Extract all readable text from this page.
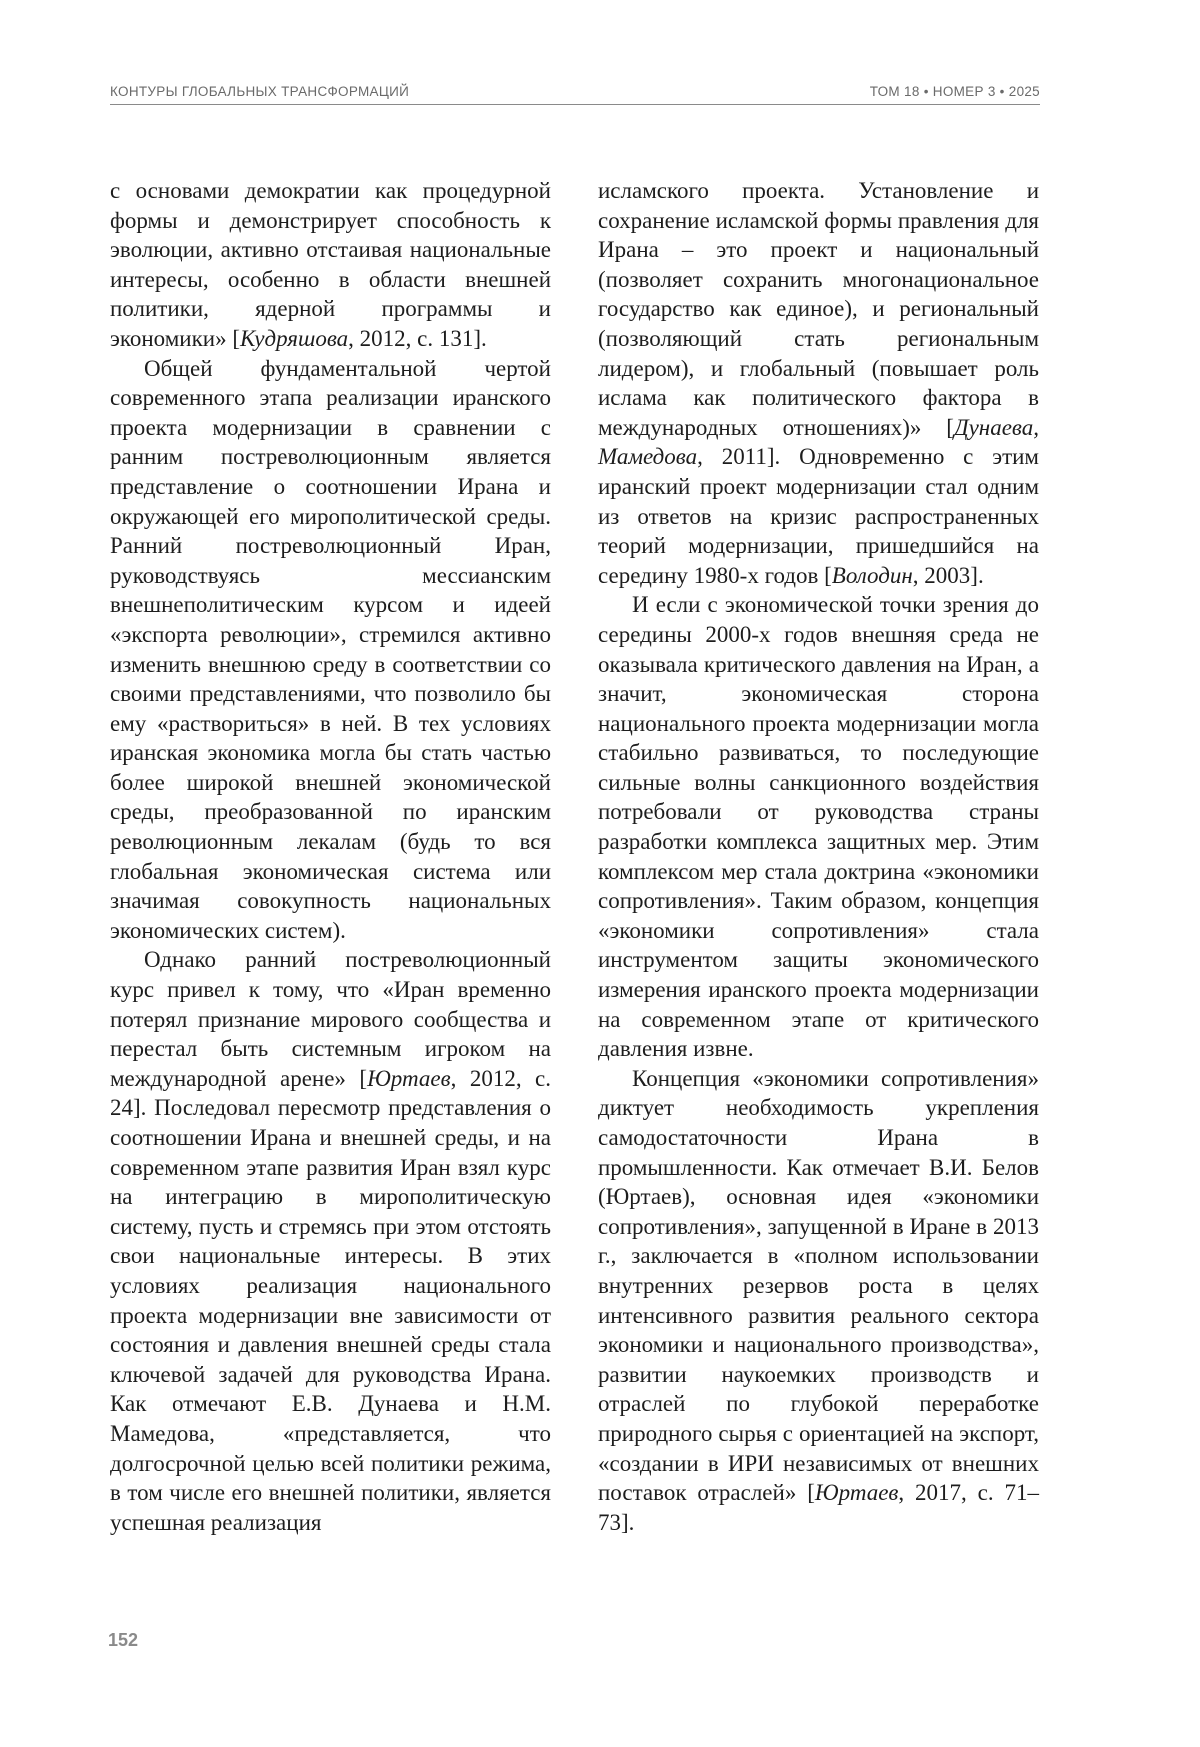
КОНТУРЫ ГЛОБАЛЬНЫХ ТРАНСФОРМАЦИЙ	ТОМ 18 • НОМЕР 3 • 2025

с основами демократии как процедурной формы и демонстрирует способность к эволюции, активно отстаивая национальные интересы, особенно в области внешней политики, ядерной программы и экономики» [Кудряшова, 2012, с. 131].

Общей фундаментальной чертой современного этапа реализации иранского проекта модернизации в сравнении с ранним постреволюционным является представление о соотношении Ирана и окружающей его мирополитической среды. Ранний постреволюционный Иран, руководствуясь мессианским внешнеполитическим курсом и идеей «экспорта революции», стремился активно изменить внешнюю среду в соответствии со своими представлениями, что позволило бы ему «раствориться» в ней. В тех условиях иранская экономика могла бы стать частью более широкой внешней экономической среды, преобразованной по иранским революционным лекалам (будь то вся глобальная экономическая система или значимая совокупность национальных экономических систем).

Однако ранний постреволюционный курс привел к тому, что «Иран временно потерял признание мирового сообщества и перестал быть системным игроком на международной арене» [Юртаев, 2012, с. 24]. Последовал пересмотр представления о соотношении Ирана и внешней среды, и на современном этапе развития Иран взял курс на интеграцию в мирополитическую систему, пусть и стремясь при этом отстоять свои национальные интересы. В этих условиях реализация национального проекта модернизации вне зависимости от состояния и давления внешней среды стала ключевой задачей для руководства Ирана. Как отмечают Е.В. Дунаева и Н.М. Мамедова, «представляется, что долгосрочной целью всей политики режима, в том числе его внешней политики, является успешная реализация

исламского проекта. Установление и сохранение исламской формы правления для Ирана – это проект и национальный (позволяет сохранить многонациональное государство как единое), и региональный (позволяющий стать региональным лидером), и глобальный (повышает роль ислама как политического фактора в международных отношениях)» [Дунаева, Мамедова, 2011]. Одновременно с этим иранский проект модернизации стал одним из ответов на кризис распространенных теорий модернизации, пришедшийся на середину 1980-х годов [Володин, 2003].

И если с экономической точки зрения до середины 2000-х годов внешняя среда не оказывала критического давления на Иран, а значит, экономическая сторона национального проекта модернизации могла стабильно развиваться, то последующие сильные волны санкционного воздействия потребовали от руководства страны разработки комплекса защитных мер. Этим комплексом мер стала доктрина «экономики сопротивления». Таким образом, концепция «экономики сопротивления» стала инструментом защиты экономического измерения иранского проекта модернизации на современном этапе от критического давления извне.

Концепция «экономики сопротивления» диктует необходимость укрепления самодостаточности Ирана в промышленности. Как отмечает В.И. Белов (Юртаев), основная идея «экономики сопротивления», запущенной в Иране в 2013 г., заключается в «полном использовании внутренних резервов роста в целях интенсивного развития реального сектора экономики и национального производства», развитии наукоемких производств и отраслей по глубокой переработке природного сырья с ориентацией на экспорт, «создании в ИРИ независимых от внешних поставок отраслей» [Юртаев, 2017, с. 71–73].

152
